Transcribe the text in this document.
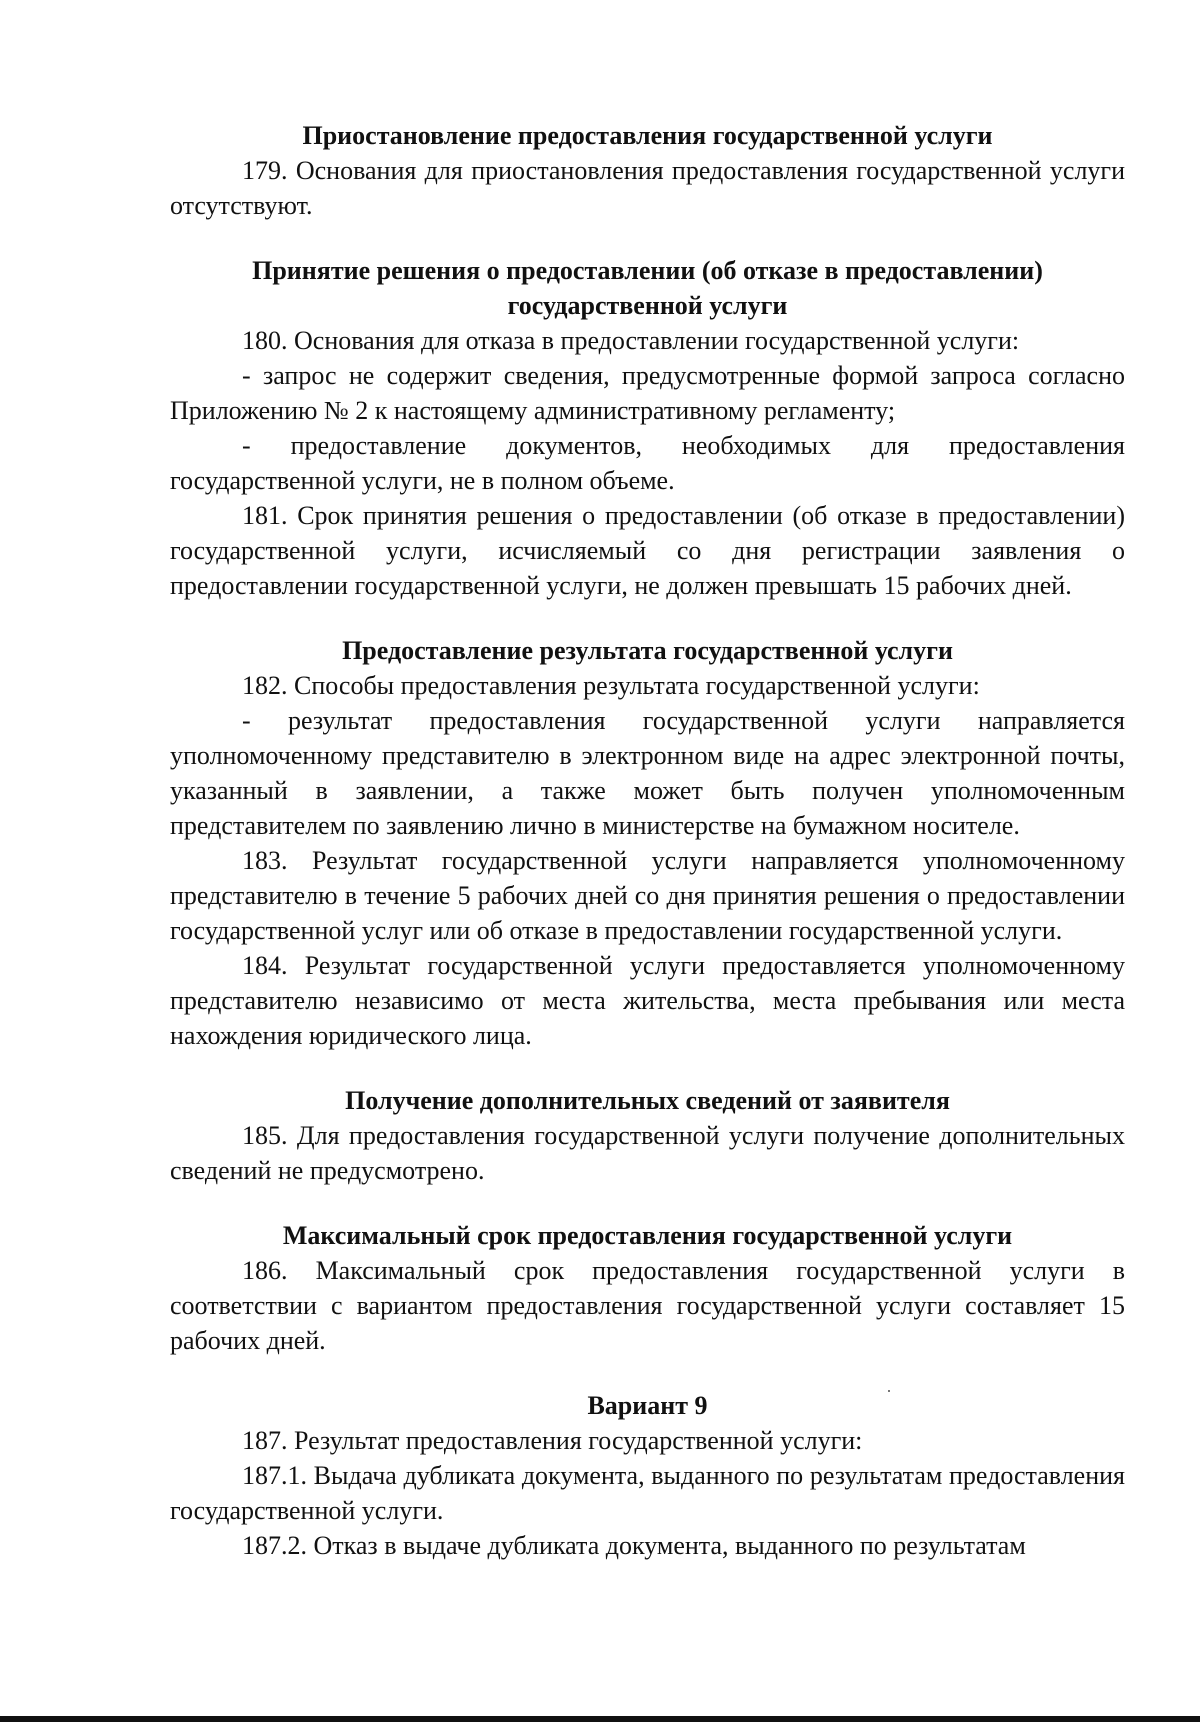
Приостановление предоставления государственной услуги

179. Основания для приостановления предоставления государственной услуги отсутствуют.

Принятие решения о предоставлении (об отказе в предоставлении)

государственной услуги

180. Основания для отказа в предоставлении государственной услуги:

- запрос не содержит сведения, предусмотренные формой запроса согласно Приложению № 2 к настоящему административному регламенту;

- предоставление документов, необходимых для предоставления государственной услуги, не в полном объеме.

181. Срок принятия решения о предоставлении (об отказе в предоставлении) государственной услуги, исчисляемый со дня регистрации заявления о предоставлении государственной услуги, не должен превышать 15 рабочих дней.

Предоставление результата государственной услуги

182. Способы предоставления результата государственной услуги:

- результат предоставления государственной услуги направляется уполномоченному представителю в электронном виде на адрес электронной почты, указанный в заявлении, а также может быть получен уполномоченным представителем по заявлению лично в министерстве на бумажном носителе.

183. Результат государственной услуги направляется уполномоченному представителю в течение 5 рабочих дней со дня принятия решения о предоставлении государственной услуг или об отказе в предоставлении государственной услуги.

184. Результат государственной услуги предоставляется уполномоченному представителю независимо от места жительства, места пребывания или места нахождения юридического лица.

Получение дополнительных сведений от заявителя

185. Для предоставления государственной услуги получение дополнительных сведений не предусмотрено.

Максимальный срок предоставления государственной услуги

186. Максимальный срок предоставления государственной услуги в соответствии с вариантом предоставления государственной услуги составляет 15 рабочих дней.

Вариант 9

187. Результат предоставления государственной услуги:

187.1. Выдача дубликата документа, выданного по результатам предоставления государственной услуги.

187.2. Отказ в выдаче дубликата документа, выданного по результатам
